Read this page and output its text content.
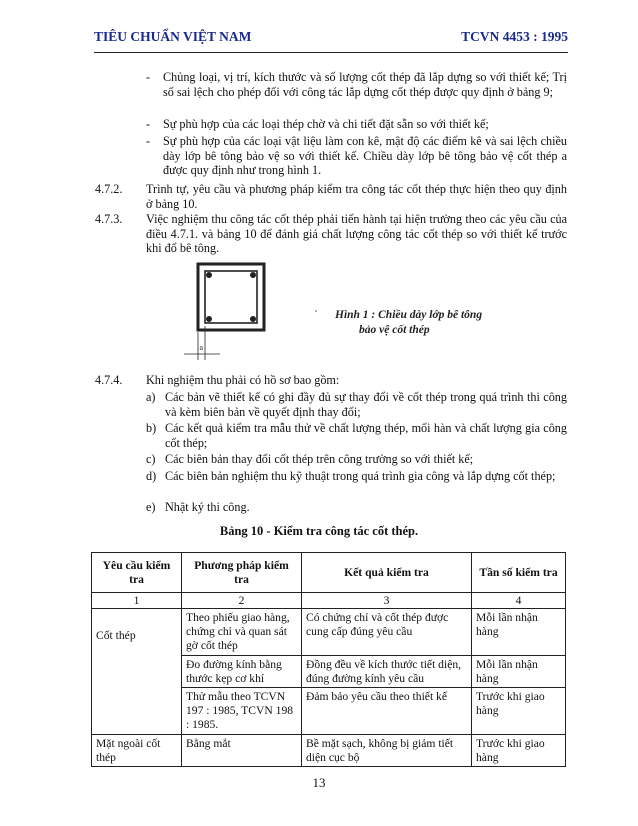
TIÊU CHUẨN VIỆT NAM	TCVN 4453 : 1995
- Chủng loại, vị trí, kích thước và số lượng cốt thép đã lắp dựng so với thiết kế; Trị số sai lệch cho phép đối với công tác lắp dựng cốt thép được quy định ở bảng 9;
- Sự phù hợp của các loại thép chờ và chi tiết đặt sẵn so với thiết kế;
- Sự phù hợp của các loại vật liệu làm con kê, mật độ các điểm kê và sai lệch chiều dày lớp bê tông bảo vệ so với thiết kế. Chiều dày lớp bê tông bảo vệ cốt thép a được quy định như trong hình 1.
4.7.2. Trình tự, yêu cầu và phương pháp kiểm tra công tác cốt thép thực hiện theo quy định ở bảng 10.
4.7.3. Việc nghiệm thu công tác cốt thép phải tiến hành tại hiện trường theo các yêu cầu của điều 4.7.1. và bảng 10 để đánh giá chất lượng công tác cốt thép so với thiết kế trước khi đổ bê tông.
a
Hình 1 : Chiều dày lớp bê tông
bảo vệ cốt thép
4.7.4. Khi nghiệm thu phải có hồ sơ bao gồm:
a) Các bản vẽ thiết kế có ghi đầy đủ sự thay đổi về cốt thép trong quá trình thi công và kèm biên bản về quyết định thay đổi;
b) Các kết quả kiểm tra mẫu thử về chất lượng thép, mối hàn và chất lượng gia công cốt thép;
c) Các biên bản thay đổi cốt thép trên công trường so với thiết kế;
d) Các biên bản nghiệm thu kỹ thuật trong quá trình gia công và lắp dựng cốt thép;
e) Nhật ký thi công.
Bảng 10 - Kiểm tra công tác cốt thép.
Yêu cầu kiểm tra	Phương pháp kiểm tra	Kết quả kiểm tra	Tần số kiểm tra
1	2	3	4
Cốt thép	Theo phiếu giao hàng, chứng chỉ và quan sát gờ cốt thép	Có chứng chỉ và cốt thép được cung cấp đúng yêu cầu	Mỗi lần nhận hàng
	Đo đường kính bằng thước kẹp cơ khí	Đồng đều về kích thước tiết diện, đúng đường kính yêu cầu	Mỗi lần nhận hàng
	Thử mẫu theo TCVN 197 : 1985, TCVN 198 : 1985.	Đảm bảo yêu cầu theo thiết kế	Trước khi giao hàng
Mặt ngoài cốt thép	Bằng mắt	Bề mặt sạch, không bị giảm tiết diện cục bộ	Trước khi giao hàng
13
